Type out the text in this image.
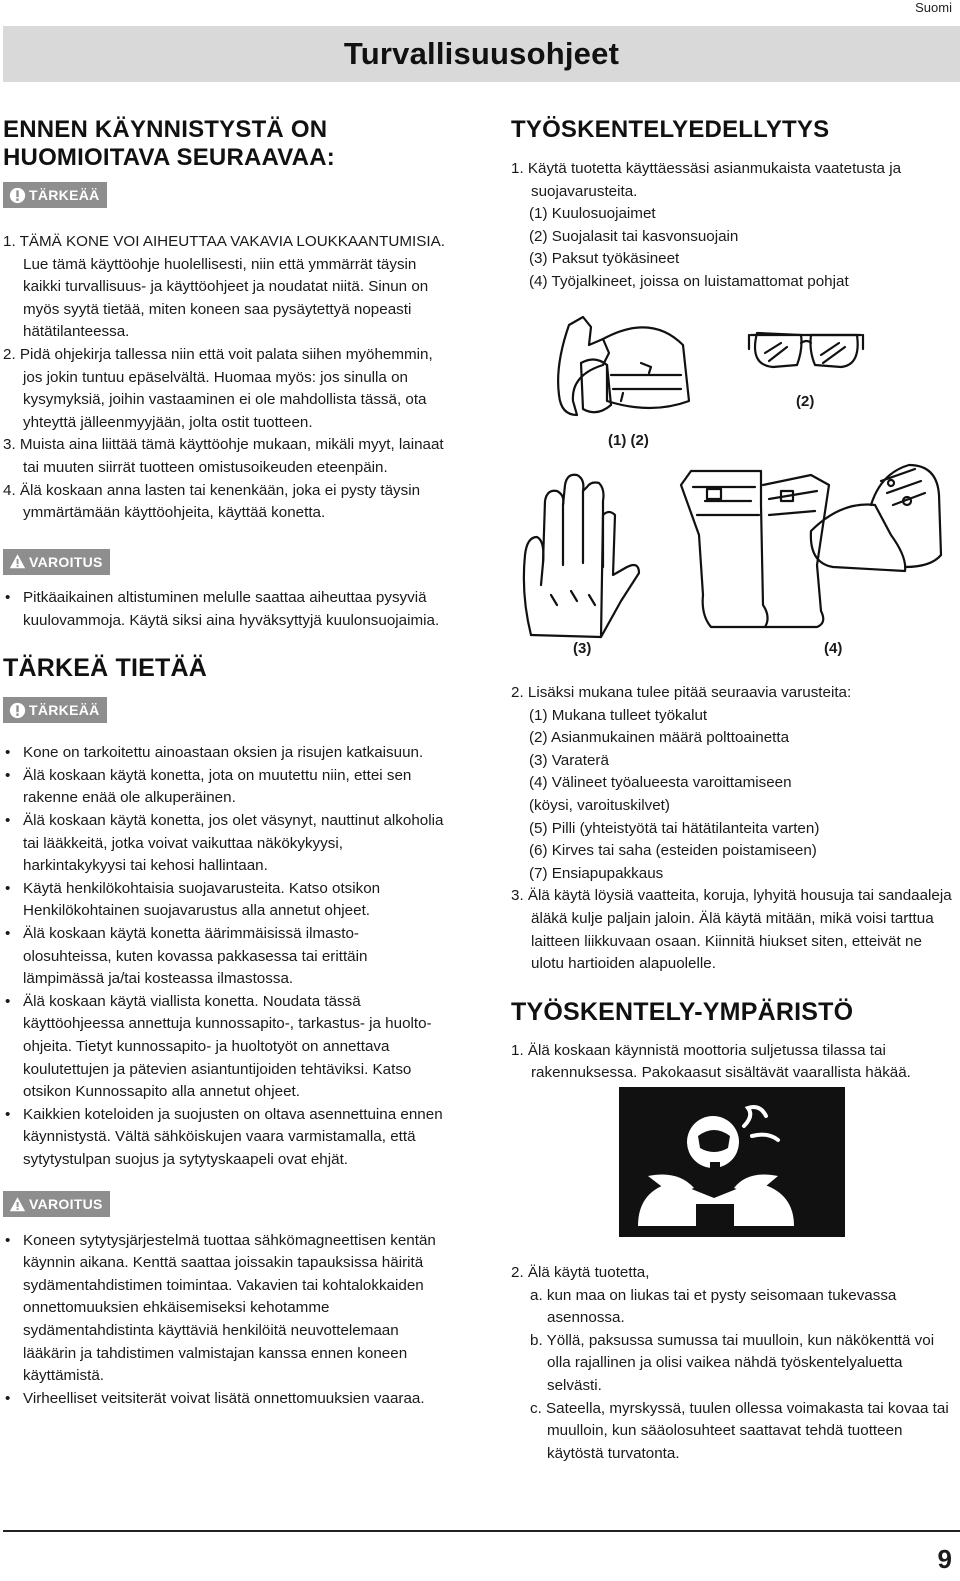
Suomi
Turvallisuusohjeet
ENNEN KÄYNNISTYSTÄ ON HUOMIOITAVA SEURAAVAA:
TÄRKEÄÄ

1. TÄMÄ KONE VOI AIHEUTTAA VAKAVIA LOUKKAANTUMISIA. Lue tämä käyttöohje huolellisesti, niin että ymmärrät täysin kaikki turvallisuus- ja käyttöohjeet ja noudatat niitä. Sinun on myös syytä tietää, miten koneen saa pysäytettyä nopeasti hätätilanteessa.

2. Pidä ohjekirja tallessa niin että voit palata siihen myöhemmin, jos jokin tuntuu epäselvältä. Huomaa myös: jos sinulla on kysymyksiä, joihin vastaaminen ei ole mahdollista tässä, ota yhteyttä jälleenmyyjään, jolta ostit tuotteen.

3. Muista aina liittää tämä käyttöohje mukaan, mikäli myyt, lainaat tai muuten siirrät tuotteen omistusoikeuden eteenpäin.

4. Älä koskaan anna lasten tai kenenkään, joka ei pysty täysin ymmärtämään käyttöohjeita, käyttää konetta.

VAROITUS

• Pitkäaikainen altistuminen melulle saattaa aiheuttaa pysyviä kuulovammoja. Käytä siksi aina hyväksyttyjä kuulonsuojaimia.

TÄRKEÄ TIETÄÄ
TÄRKEÄÄ

• Kone on tarkoitettu ainoastaan oksien ja risujen katkaisuun.

• Älä koskaan käytä konetta, jota on muutettu niin, ettei sen rakenne enää ole alkuperäinen.

• Älä koskaan käytä konetta, jos olet väsynyt, nauttinut alkoholia tai lääkkeitä, jotka voivat vaikuttaa näkökykyysi, harkintakykyysi tai kehosi hallintaan.

• Käytä henkilökohtaisia suojavarusteita. Katso otsikon Henkilökohtainen suojavarustus alla annetut ohjeet.

• Älä koskaan käytä konetta äärimmäisissä ilmasto-olosuhteissa, kuten kovassa pakkasessa tai erittäin lämpimässä ja/tai kosteassa ilmastossa.

• Älä koskaan käytä viallista konetta. Noudata tässä käyttöohjeessa annettuja kunnossapito-, tarkastus- ja huolto-ohjeita. Tietyt kunnossapito- ja huoltotyöt on annettava koulutettujen ja pätevien asiantuntijoiden tehtäviksi. Katso otsikon Kunnossapito alla annetut ohjeet.

• Kaikkien koteloiden ja suojusten on oltava asennettuina ennen käynnistystä. Vältä sähköiskujen vaara varmistamalla, että sytytystulpan suojus ja sytytyskaapeli ovat ehjät.

VAROITUS

• Koneen sytytysjärjestelmä tuottaa sähkömagneettisen kentän käynnin aikana. Kenttä saattaa joissakin tapauksissa häiritä sydämentahdistimen toimintaa. Vakavien tai kohtalokkaiden onnettomuuksien ehkäisemiseksi kehotamme sydämentahdistinta käyttäviä henkilöitä neuvottelemaan lääkärin ja tahdistimen valmistajan kanssa ennen koneen käyttämistä.

• Virheelliset veitsiterät voivat lisätä onnettomuuksien vaaraa.

TYÖSKENTELYEDELLYTYS

1. Käytä tuotetta käyttäessäsi asianmukaista vaatetusta ja suojavarusteita.

(1) Kuulosuojaimet

(2) Suojalasit tai kasvonsuojain

(3) Paksut työkäsineet

(4) Työjalkineet, joissa on luistamattomat pohjat

(1) (2)
(2)
(3)	(4)

2. Lisäksi mukana tulee pitää seuraavia varusteita:

(1) Mukana tulleet työkalut

(2) Asianmukainen määrä polttoainetta

(3) Varaterä

(4) Välineet työalueesta varoittamiseen

(köysi, varoituskilvet)

(5) Pilli (yhteistyötä tai hätätilanteita varten)

(6) Kirves tai saha (esteiden poistamiseen)

(7) Ensiapupakkaus

3. Älä käytä löysiä vaatteita, koruja, lyhyitä housuja tai sandaaleja äläkä kulje paljain jaloin. Älä käytä mitään, mikä voisi tarttua laitteen liikkuvaan osaan. Kiinnitä hiukset siten, etteivät ne ulotu hartioiden alapuolelle.

TYÖSKENTELY-YMPÄRISTÖ

1. Älä koskaan käynnistä moottoria suljetussa tilassa tai rakennuksessa. Pakokaasut sisältävät vaarallista häkää.

2. Älä käytä tuotetta,

a. kun maa on liukas tai et pysty seisomaan tukevassa asennossa.

b. Yöllä, paksussa sumussa tai muulloin, kun näkökenttä voi olla rajallinen ja olisi vaikea nähdä työskentelyaluetta selvästi.

c. Sateella, myrskyssä, tuulen ollessa voimakasta tai kovaa tai muulloin, kun sääolosuhteet saattavat tehdä tuotteen käytöstä turvatonta.

9
